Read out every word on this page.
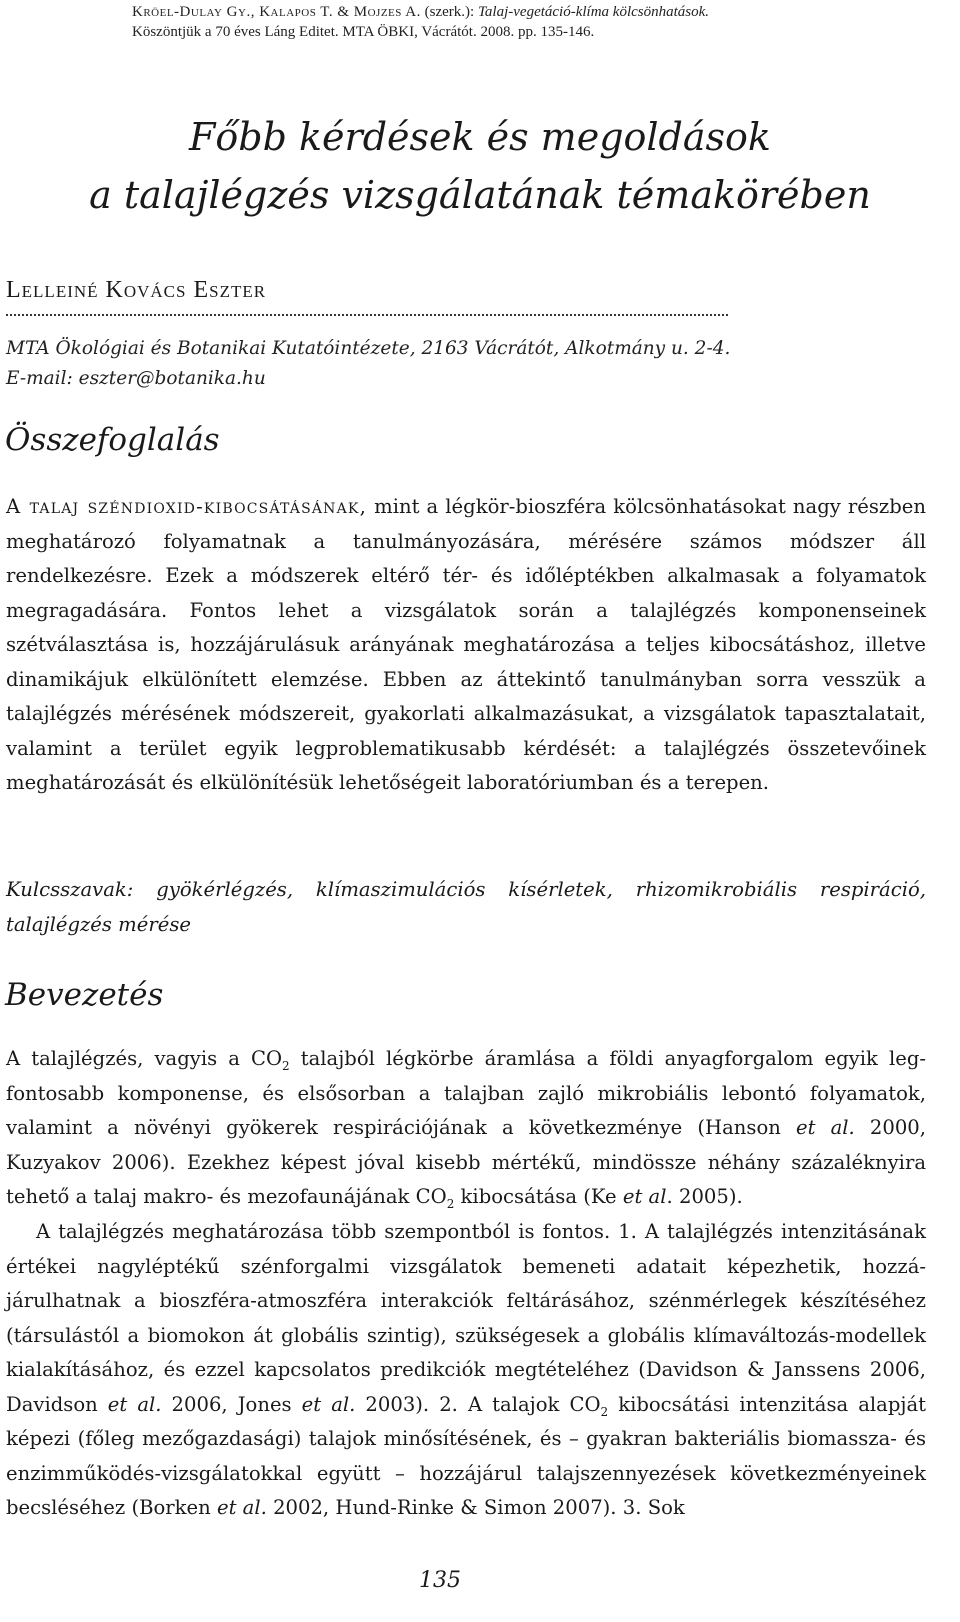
Kröel-Dulay Gy., Kalapos T. & Mojzes A. (szerk.): Talaj-vegetáció-klíma kölcsönhatások.
Köszöntjük a 70 éves Láng Editet. MTA ÖBKI, Vácrátót. 2008. pp. 135-146.
Főbb kérdések és megoldások
a talajlégzés vizsgálatának témakörében
Lelleiné Kovács Eszter
MTA Ökológiai és Botanikai Kutatóintézete, 2163 Vácrátót, Alkotmány u. 2-4.
E-mail: eszter@botanika.hu
Összefoglalás
A talaj széndioxid-kibocsátásának, mint a légkör-bioszféra kölcsönhatásokat nagy részben meghatározó folyamatnak a tanulmányozására, mérésére számos módszer áll rendelkezésre. Ezek a módszerek eltérő tér- és időléptékben alkalmasak a folyamatok megragadására. Fontos lehet a vizsgálatok során a talajlégzés komponenseinek szétválasztása is, hozzájárulásuk arányának meghatározása a teljes kibocsátáshoz, illetve dinamikájuk elkülönített elemzése. Ebben az áttekintő tanulmányban sorra vesszük a talajlégzés mérésének módszereit, gyakorlati alkalmazásukat, a vizsgálatok tapasztalatait, valamint a terület egyik legproblematikusabb kérdését: a talajlégzés összetevőinek meghatározását és elkülönítésük lehetőségeit laboratóriumban és a terepen.
Kulcsszavak: gyökérlégzés, klímaszimulációs kísérletek, rhizomikrobiális respiráció, talajlégzés mérése
Bevezetés
A talajlégzés, vagyis a $CO_2$ talajból légkörbe áramlása a földi anyagforgalom egyik legfontosabb komponense, és elsősorban a talajban zajló mikrobiális lebontó folyamatok, valamint a növényi gyökerek respirációjának a következménye (Hanson et al. 2000, Kuzyakov 2006). Ezekhez képest jóval kisebb mértékű, mindössze néhány százaléknyira tehető a talaj makro- és mezofaunájának $CO_2$ kibocsátása (Ke et al. 2005).
A talajlégzés meghatározása több szempontból is fontos. 1. A talajlégzés intenzitásának értékei nagyléptékű szénforgalmi vizsgálatok bemeneti adatait képezhetik, hozzájárulhatnak a bioszféra-atmoszféra interakciók feltárásához, szénmérlegek készítéséhez (társulástól a biomokon át globális szintig), szükségesek a globális klímaváltozás-modellek kialakításához, és ezzel kapcsolatos predikciók megtételéhez (Davidson & Janssens 2006, Davidson et al. 2006, Jones et al. 2003). 2. A talajok $CO_2$ kibocsátási intenzitása alapját képezi (főleg mezőgazdasági) talajok minősítésének, és – gyakran bakteriális biomassza- és enzimműködés-vizsgálatokkal együtt – hozzájárul talajszennyezések következményeinek becsléséhez (Borken et al. 2002, Hund-Rinke & Simon 2007). 3. Sok
135
